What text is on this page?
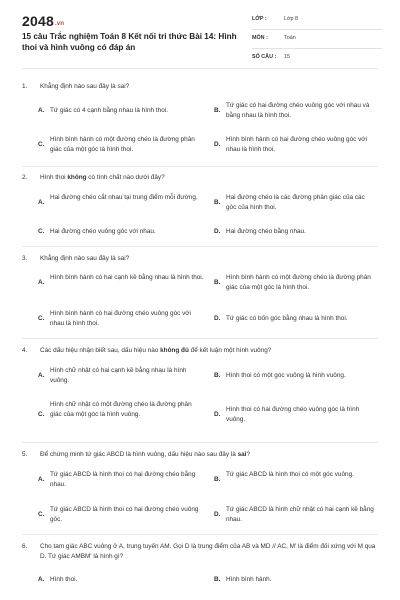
2048.vn
15 câu Trắc nghiệm Toán 8 Kết nối tri thức Bài 14: Hình thoi và hình vuông có đáp án
LỚP :	Lớp 8
MÔN :	Toán
SỐ CÂU : 15
1. Khẳng định nào sau đây là sai?
A. Tứ giác có 4 cạnh bằng nhau là hình thoi.	B.
Tứ giác có hai đường chéo vuông góc với nhau và bằng nhau là hình thoi.
C.
Hình bình hành có một đường chéo là đường phân giác của một góc là hình thoi.
D.
Hình bình hành có hai đường chéo vuông góc với nhau là hình thoi.
2. Hình thoi không có tính chất nào dưới đây?
A.
Hai đường chéo cắt nhau tại trung điểm mỗi đường.
B.
Hai đường chéo là các đường phân giác của các góc của hình thoi.
C. Hai đường chéo vuông góc với nhau.	D. Hai đường chéo bằng nhau.
3. Khẳng định nào sau đây là sai?
A.
Hình bình hành có hai cạnh kề bằng nhau là hình thoi.
B.
Hình bình hành có một đường chéo là đường phân giác của một góc là hình thoi.
C.
Hình bình hành có hai đường chéo vuông góc với nhau là hình thoi.
D. Tứ giác có bốn góc bằng nhau là hình thoi.
4. Các dấu hiệu nhận biết sau, dấu hiệu nào không đủ để kết luận một hình vuông?
A.
Hình chữ nhật có hai cạnh kề bằng nhau là hình vuông.
B. Hình thoi có một góc vuông là hình vuông.
C.
Hình chữ nhật có một đường chéo là đường phân giác của một góc là hình vuông.	D.
Hình thoi có hai đường chéo vuông góc là hình vuông.
5. Để chứng minh tứ giác ABCD là hình vuông, dấu hiệu nào sau đây là sai?
A.
Tứ giác ABCD là hình thoi có hai đường chéo bằng nhau.
B.
Tứ giác ABCD là hình thoi có một góc vuông.
C.
Tứ giác ABCD là hình thoi có hai đường chéo vuông góc.
D.
Tứ giác ABCD là hình chữ nhật có hai cạnh kề bằng nhau.
6. Cho tam giác ABC vuông ở A, trung tuyến AM. Gọi D là trung điểm của AB và MD // AC, M' là điểm đối xứng với M qua D. Tứ giác AMBM' là hình gì?
A. Hình thoi.	B. Hình bình hành.
